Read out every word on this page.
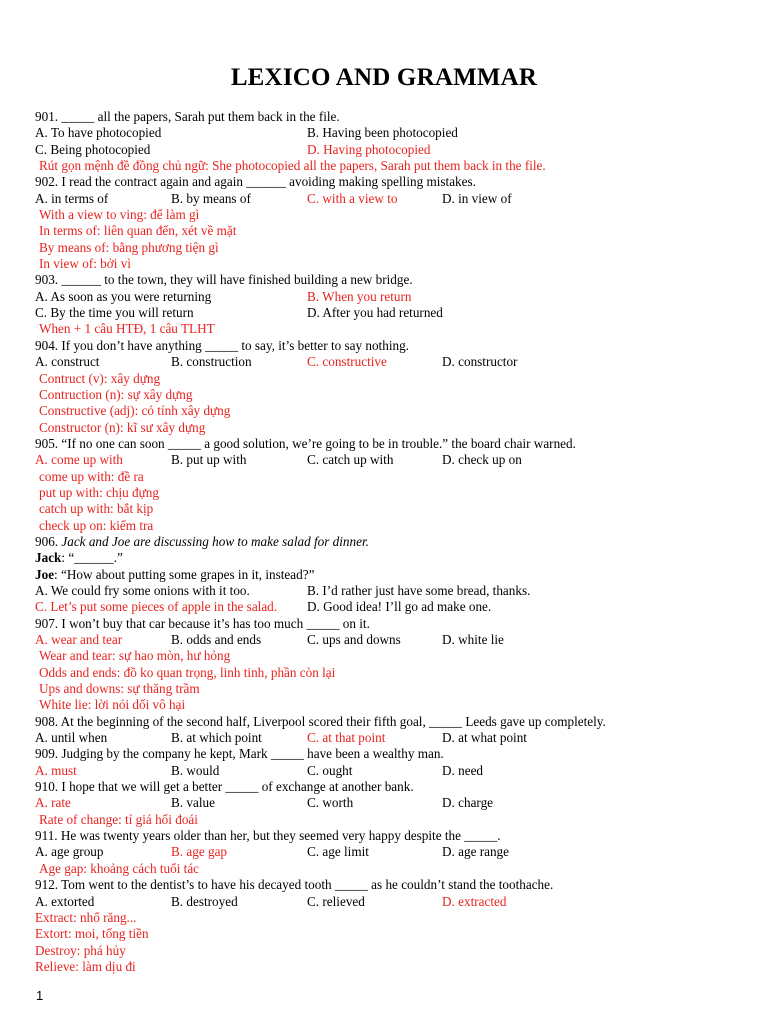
LEXICO AND GRAMMAR
901. _____ all the papers, Sarah put them back in the file.
A. To have photocopied	B. Having been photocopied
C. Being photocopied	D. Having photocopied
Rút gọn mệnh đề đồng chủ ngữ: She photocopied all the papers, Sarah put them back in the file.
902. I read the contract again and again ______ avoiding making spelling mistakes.
A. in terms of	B. by means of	C. with a view to	D. in view of
With a view to ving: để làm gì
In terms of: liên quan đến, xét về mặt
By means of: bằng phương tiện gì
In view of: bởi vì
903. ______ to the town, they will have finished building a new bridge.
A. As soon as you were returning	B. When you return
C. By the time you will return	D. After you had returned
When + 1 câu HTĐ, 1 câu TLHT
904. If you don’t have anything _____ to say, it’s better to say nothing.
A. construct	B. construction	C. constructive	D. constructor
Contruct (v): xây dựng
Contruction (n): sự xây dựng
Constructive (adj): có tính xây dựng
Constructor (n): kĩ sư xây dựng
905. “If no one can soon _____ a good solution, we’re going to be in trouble.” the board chair warned.
A. come up with	B. put up with	C. catch up with	D. check up on
come up with: đề ra
put up with: chịu đựng
catch up with: bắt kịp
check up on: kiểm tra
906. Jack and Joe are discussing how to make salad for dinner.
Jack: “______.”
Joe: “How about putting some grapes in it, instead?”
A. We could fry some onions with it too.	B. I’d rather just have some bread, thanks.
C. Let’s put some pieces of apple in the salad. D. Good idea! I’ll go ad make one.
907. I won’t buy that car because it’s has too much _____ on it.
A. wear and tear	B. odds and ends	C. ups and downs	D. white lie
Wear and tear: sự hao mòn, hư hỏng
Odds and ends: đồ ko quan trọng, linh tinh, phần còn lại
Ups and downs: sự thăng trầm
White lie: lời nói dối vô hại
908. At the beginning of the second half, Liverpool scored their fifth goal, _____ Leeds gave up completely.
A. until when	B. at which point	C. at that point	D. at what point
909. Judging by the company he kept, Mark _____ have been a wealthy man.
A. must	B. would	C. ought	D. need
910. I hope that we will get a better _____ of exchange at another bank.
A. rate	B. value	C. worth	D. charge
Rate of change: tỉ giá hối đoái
911. He was twenty years older than her, but they seemed very happy despite the _____.
A. age group	B. age gap	C. age limit	D. age range
Age gap: khoảng cách tuổi tác
912. Tom went to the dentist’s to have his decayed tooth _____ as he couldn’t stand the toothache.
A. extorted	B. destroyed	C. relieved	D. extracted
Extract: nhổ răng...
Extort: moi, tống tiền
Destroy: phá hủy
Relieve: làm dịu đi
1
